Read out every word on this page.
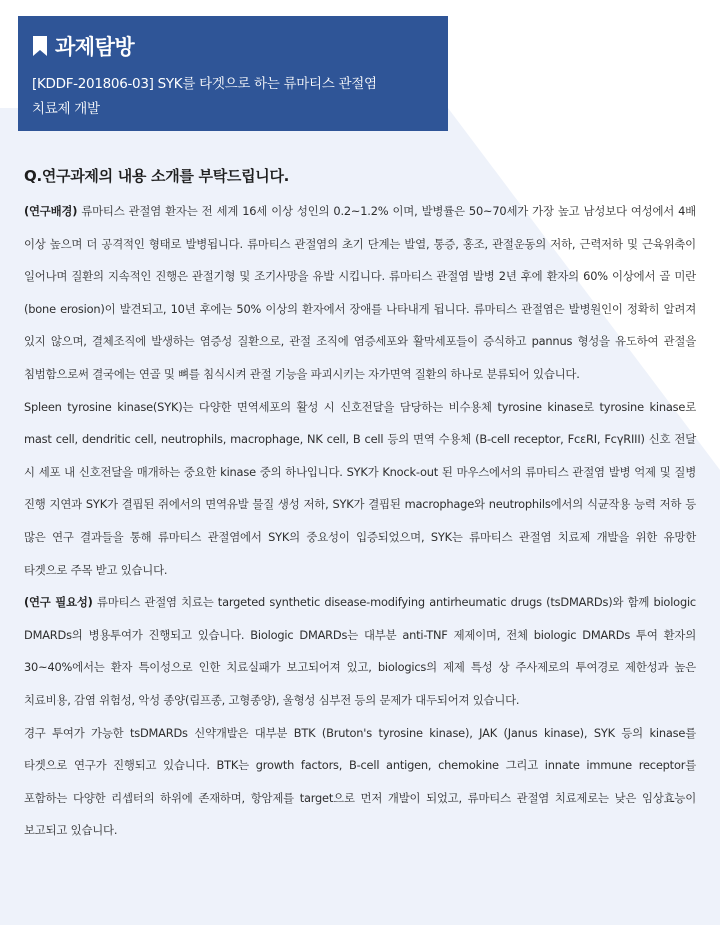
과제탐방
[KDDF-201806-03] SYK를 타겟으로 하는 류마티스 관절염
치료제 개발
Q.연구과제의 내용 소개를 부탁드립니다.

(연구배경) 류마티스 관절염 환자는 전 세계 16세 이상 성인의 0.2~1.2% 이며, 발병률은 50~70세가 가장 높고 남성보다 여성에서 4배 이상 높으며 더 공격적인 형태로 발병됩니다. 류마티스 관절염의 초기 단계는 발열, 통증, 홍조, 관절운동의 저하, 근력저하 및 근육위축이 일어나며 질환의 지속적인 진행은 관절기형 및 조기사망을 유발 시킵니다. 류마티스 관절염 발병 2년 후에 환자의 60% 이상에서 골 미란(bone erosion)이 발견되고, 10년 후에는 50% 이상의 환자에서 장애를 나타내게 됩니다. 류마티스 관절염은 발병원인이 정확히 알려져 있지 않으며, 결체조직에 발생하는 염증성 질환으로, 관절 조직에 염증세포와 활막세포들이 증식하고 pannus 형성을 유도하여 관절을 침범함으로써 결국에는 연골 및 뼈를 침식시켜 관절 기능을 파괴시키는 자가면역 질환의 하나로 분류되어 있습니다.

Spleen tyrosine kinase(SYK)는 다양한 면역세포의 활성 시 신호전달을 담당하는 비수용체 tyrosine kinase로 tyrosine kinase로 mast cell, dendritic cell, neutrophils, macrophage, NK cell, B cell 등의 면역 수용체 (B-cell receptor, FcεRI, FcγRIII) 신호 전달 시 세포 내 신호전달을 매개하는 중요한 kinase 중의 하나입니다. SYK가 Knock-out 된 마우스에서의 류마티스 관절염 발병 억제 및 질병 진행 지연과 SYK가 결핍된 쥐에서의 면역유발 물질 생성 저하, SYK가 결핍된 macrophage와 neutrophils에서의 식균작용 능력 저하 등 많은 연구 결과들을 통해 류마티스 관절염에서 SYK의 중요성이 입증되었으며, SYK는 류마티스 관절염 치료제 개발을 위한 유망한 타겟으로 주목 받고 있습니다.

(연구 필요성) 류마티스 관절염 치료는 targeted synthetic disease-modifying antirheumatic drugs (tsDMARDs)와 함께 biologic DMARDs의 병용투여가 진행되고 있습니다. Biologic DMARDs는 대부분 anti-TNF 제제이며, 전체 biologic DMARDs 투여 환자의 30~40%에서는 환자 특이성으로 인한 치료실패가 보고되어져 있고, biologics의 제제 특성 상 주사제로의 투여경로 제한성과 높은 치료비용, 감염 위험성, 악성 종양(림프종, 고형종양), 울형성 심부전 등의 문제가 대두되어져 있습니다.

경구 투여가 가능한 tsDMARDs 신약개발은 대부분 BTK (Bruton's tyrosine kinase), JAK (Janus kinase), SYK 등의 kinase를 타겟으로 연구가 진행되고 있습니다. BTK는 growth factors, B-cell antigen, chemokine 그리고 innate immune receptor를 포함하는 다양한 리셉터의 하위에 존재하며, 항암제를 target으로 먼저 개발이 되었고, 류마티스 관절염 치료제로는 낮은 임상효능이 보고되고 있습니다.
